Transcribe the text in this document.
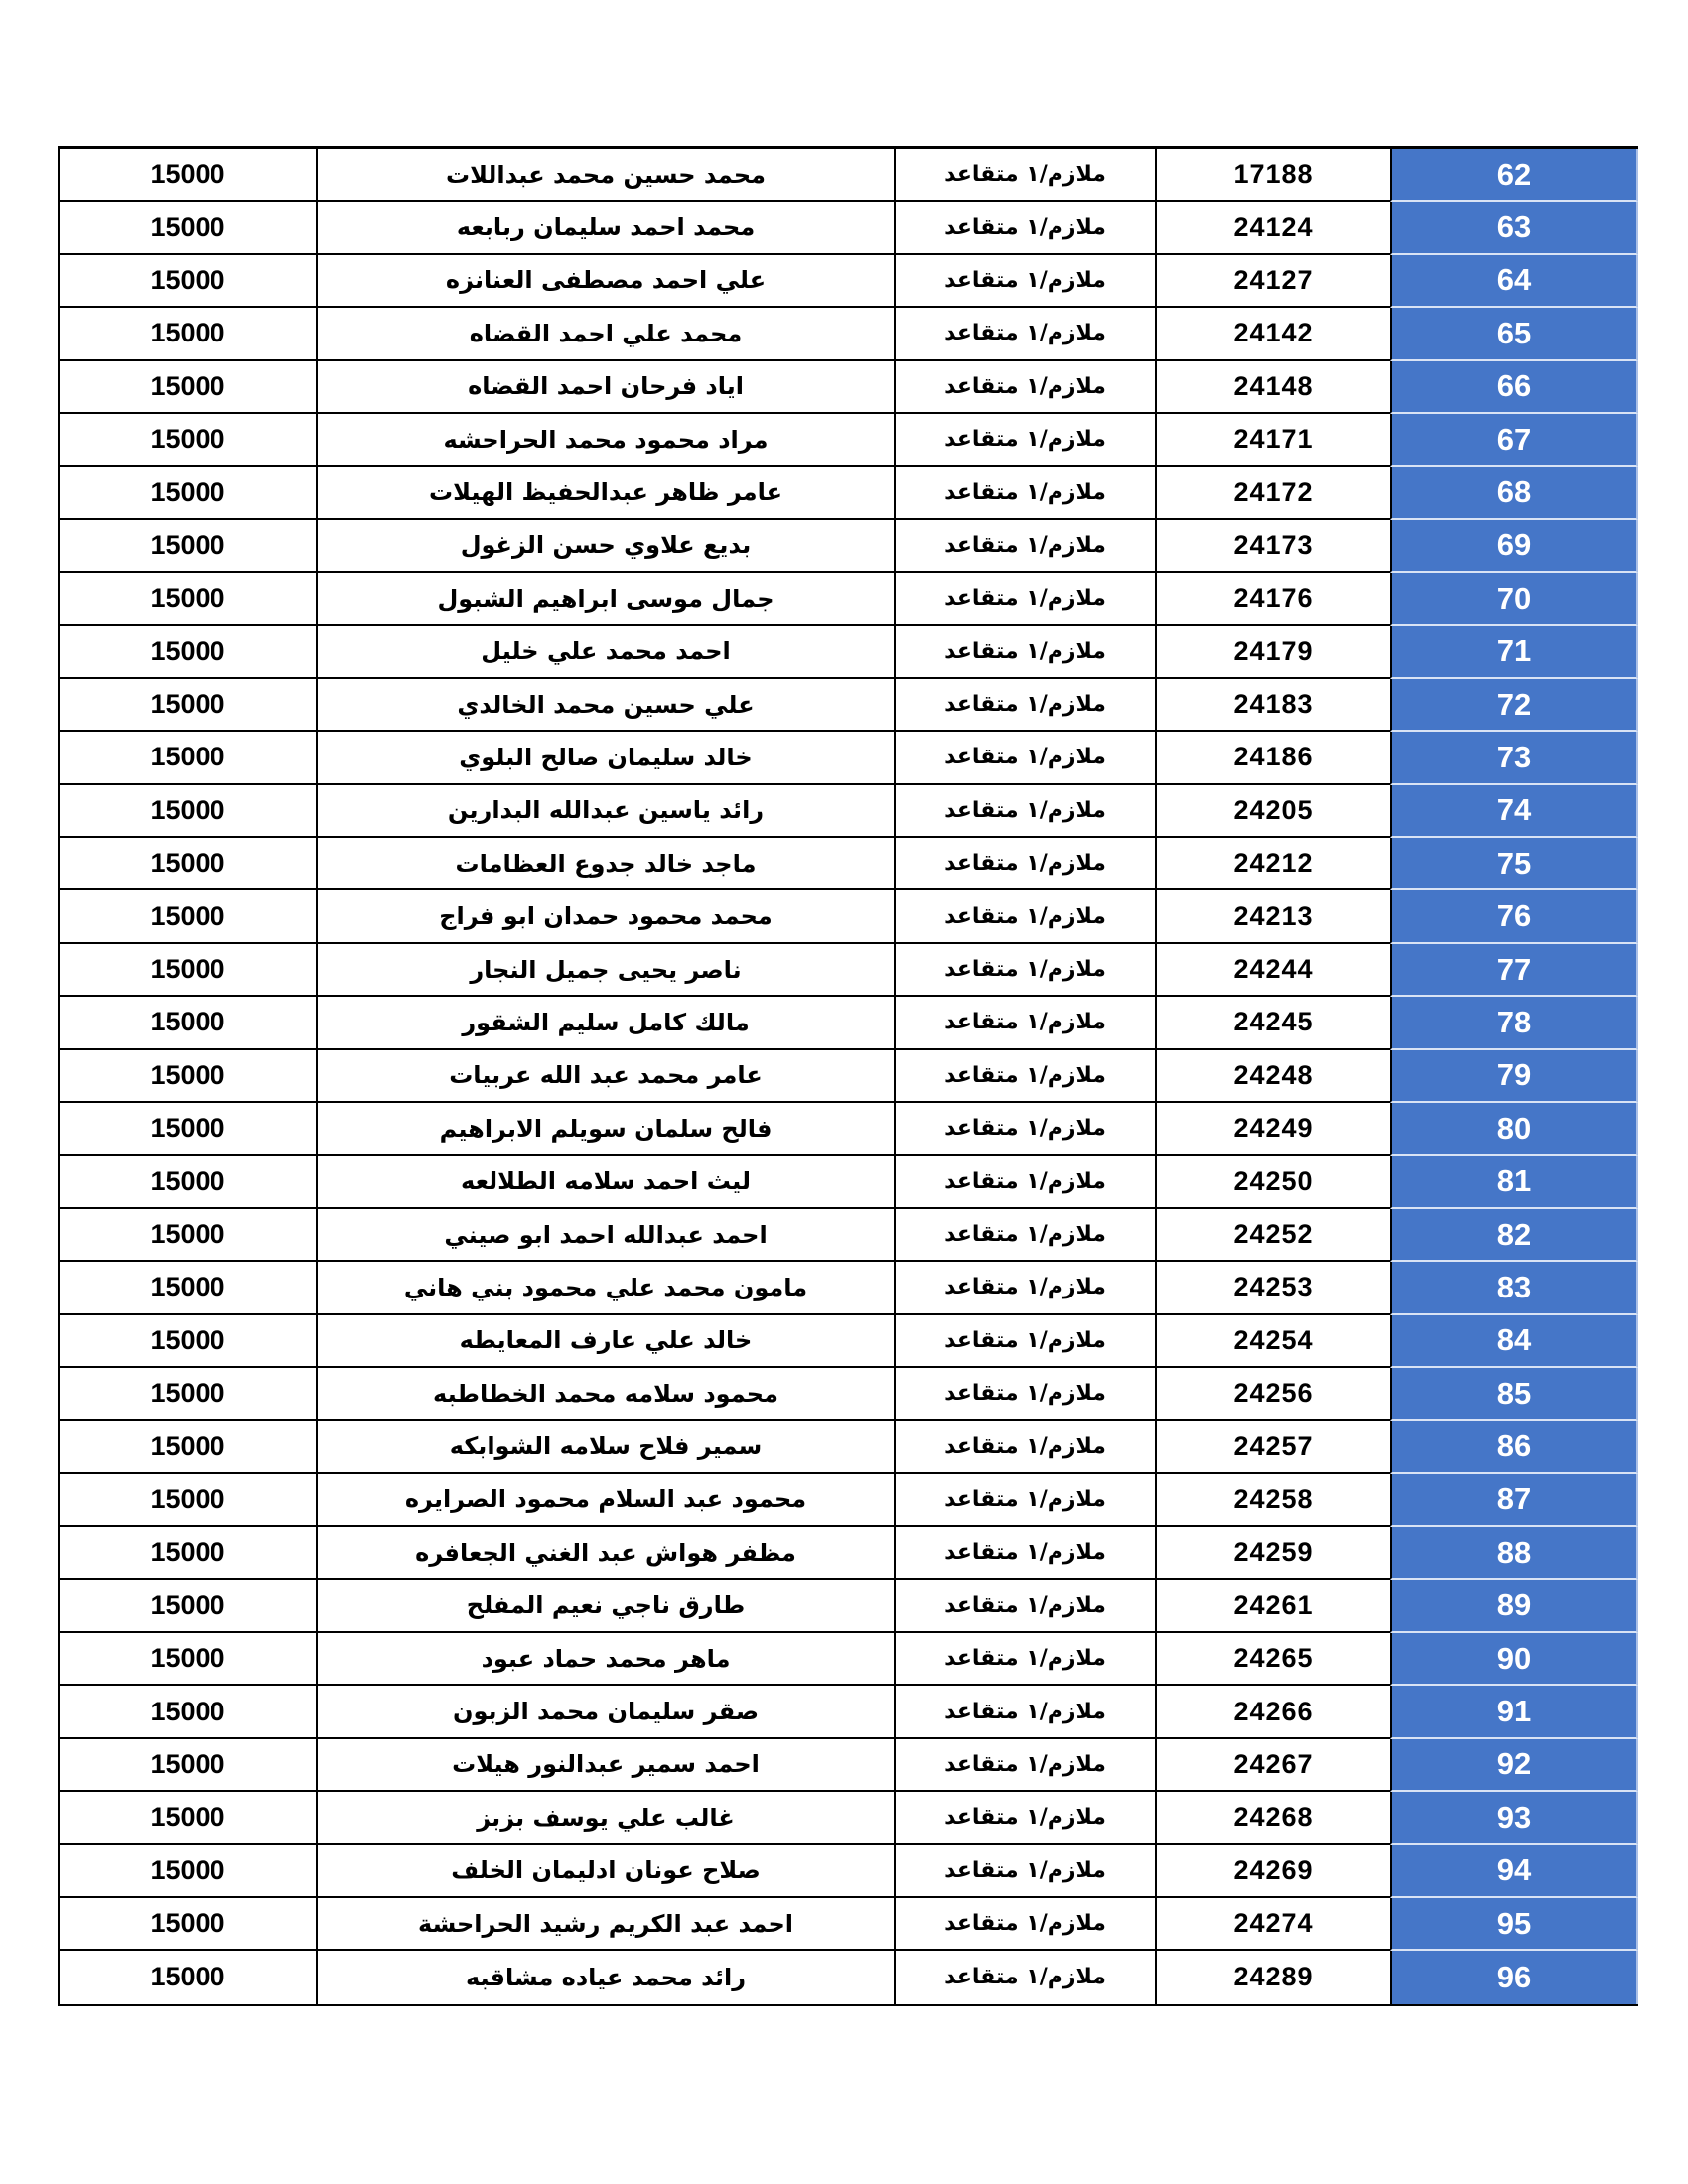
62
17188
ملازم/١ متقاعد
محمد حسين محمد عبداللات
15000
63
24124
ملازم/١ متقاعد
محمد احمد سليمان ربابعه
15000
64
24127
ملازم/١ متقاعد
علي احمد مصطفى العنانزه
15000
65
24142
ملازم/١ متقاعد
محمد علي احمد القضاه
15000
66
24148
ملازم/١ متقاعد
اياد فرحان احمد القضاه
15000
67
24171
ملازم/١ متقاعد
مراد محمود محمد الحراحشه
15000
68
24172
ملازم/١ متقاعد
عامر ظاهر عبدالحفيظ الهيلات
15000
69
24173
ملازم/١ متقاعد
بديع علاوي حسن الزغول
15000
70
24176
ملازم/١ متقاعد
جمال موسى ابراهيم الشبول
15000
71
24179
ملازم/١ متقاعد
احمد محمد علي خليل
15000
72
24183
ملازم/١ متقاعد
علي حسين محمد الخالدي
15000
73
24186
ملازم/١ متقاعد
خالد سليمان صالح البلوي
15000
74
24205
ملازم/١ متقاعد
رائد ياسين عبدالله البدارين
15000
75
24212
ملازم/١ متقاعد
ماجد خالد جدوع العظامات
15000
76
24213
ملازم/١ متقاعد
محمد محمود حمدان ابو فراج
15000
77
24244
ملازم/١ متقاعد
ناصر يحيى جميل النجار
15000
78
24245
ملازم/١ متقاعد
مالك كامل سليم الشقور
15000
79
24248
ملازم/١ متقاعد
عامر محمد عبد الله عربيات
15000
80
24249
ملازم/١ متقاعد
فالح سلمان سويلم الابراهيم
15000
81
24250
ملازم/١ متقاعد
ليث احمد سلامه الطلالعه
15000
82
24252
ملازم/١ متقاعد
احمد عبدالله احمد ابو صيني
15000
83
24253
ملازم/١ متقاعد
مامون محمد علي محمود بني هاني
15000
84
24254
ملازم/١ متقاعد
خالد علي عارف المعايطه
15000
85
24256
ملازم/١ متقاعد
محمود سلامه محمد الخطاطبه
15000
86
24257
ملازم/١ متقاعد
سمير فلاح سلامه الشوابكه
15000
87
24258
ملازم/١ متقاعد
محمود عبد السلام محمود الصرايره
15000
88
24259
ملازم/١ متقاعد
مظفر هواش عبد الغني الجعافره
15000
89
24261
ملازم/١ متقاعد
طارق ناجي نعيم المفلح
15000
90
24265
ملازم/١ متقاعد
ماهر محمد حماد عبود
15000
91
24266
ملازم/١ متقاعد
صقر سليمان محمد الزبون
15000
92
24267
ملازم/١ متقاعد
احمد سمير عبدالنور هيلات
15000
93
24268
ملازم/١ متقاعد
غالب علي يوسف بزبز
15000
94
24269
ملازم/١ متقاعد
صلاح عونان ادليمان الخلف
15000
95
24274
ملازم/١ متقاعد
احمد عبد الكريم رشيد الحراحشة
15000
96
24289
ملازم/١ متقاعد
رائد محمد عياده مشاقبه
15000
